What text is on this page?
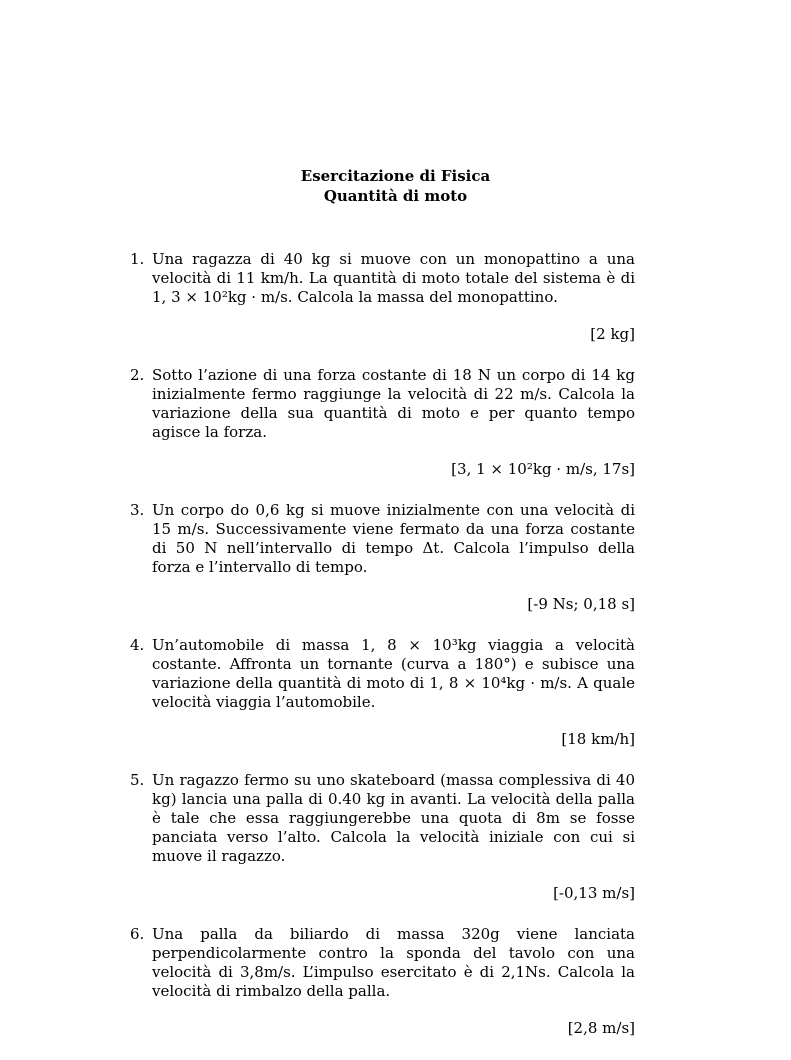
Esercitazione di Fisica
Quantità di moto
1. Una ragazza di 40 kg si muove con un monopattino a una velocità di 11 km/h. La quantità di moto totale del sistema è di 1, 3 × 10²kg · m/s. Calcola la massa del monopattino.
[2 kg]
2. Sotto l’azione di una forza costante di 18 N un corpo di 14 kg inizialmente fermo raggiunge la velocità di 22 m/s. Calcola la variazione della sua quantità di moto e per quanto tempo agisce la forza.
[3, 1 × 10²kg · m/s, 17s]
3. Un corpo do 0,6 kg si muove inizialmente con una velocità di 15 m/s. Successivamente viene fermato da una forza costante di 50 N nell’intervallo di tempo Δt. Calcola l’impulso della forza e l’intervallo di tempo.
[-9 Ns; 0,18 s]
4. Un’automobile di massa 1, 8 × 10³kg viaggia a velocità costante. Affronta un tornante (curva a 180°) e subisce una variazione della quantità di moto di 1, 8 × 10⁴kg · m/s. A quale velocità viaggia l’automobile.
[18 km/h]
5. Un ragazzo fermo su uno skateboard (massa complessiva di 40 kg) lancia una palla di 0.40 kg in avanti. La velocità della palla è tale che essa raggiungerebbe una quota di 8m se fosse panciata verso l’alto. Calcola la velocità iniziale con cui si muove il ragazzo.
[-0,13 m/s]
6. Una palla da biliardo di massa 320g viene lanciata perpendicolarmente contro la sponda del tavolo con una velocità di 3,8m/s. L’impulso esercitato è di 2,1Ns. Calcola la velocità di rimbalzo della palla.
[2,8 m/s]
